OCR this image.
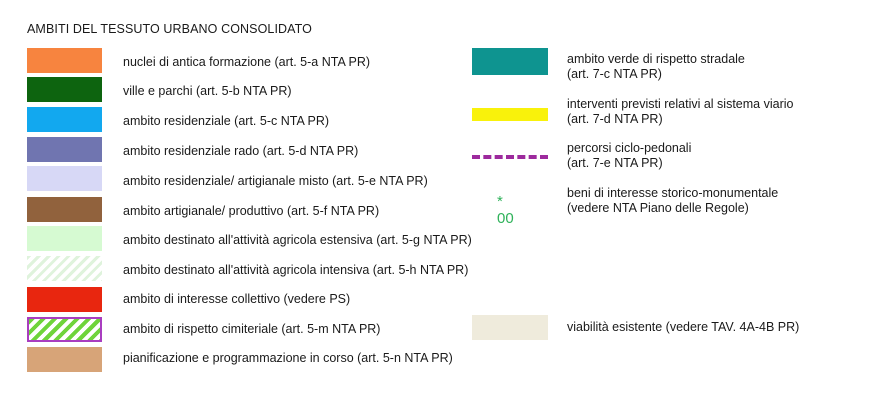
AMBITI DEL TESSUTO URBANO CONSOLIDATO
nuclei di antica formazione (art. 5-a NTA PR)
ville e parchi (art. 5-b NTA PR)
ambito residenziale (art. 5-c NTA PR)
ambito residenziale rado (art. 5-d NTA PR)
ambito residenziale/ artigianale misto (art. 5-e NTA PR)
ambito artigianale/ produttivo (art. 5-f NTA PR)
ambito destinato all'attività agricola estensiva (art. 5-g NTA PR)
ambito destinato all'attività agricola intensiva (art. 5-h NTA PR)
ambito di interesse collettivo (vedere PS)
ambito di rispetto cimiteriale (art. 5-m NTA PR)
pianificazione e programmazione in corso (art. 5-n NTA PR)
ambito verde di rispetto stradale
(art. 7-c NTA PR)
interventi previsti relativi al sistema viario
(art. 7-d NTA PR)
percorsi ciclo-pedonali
(art. 7-e NTA PR)
* 00
beni di interesse storico-monumentale
(vedere NTA Piano delle Regole)
viabilità esistente (vedere TAV. 4A-4B PR)
